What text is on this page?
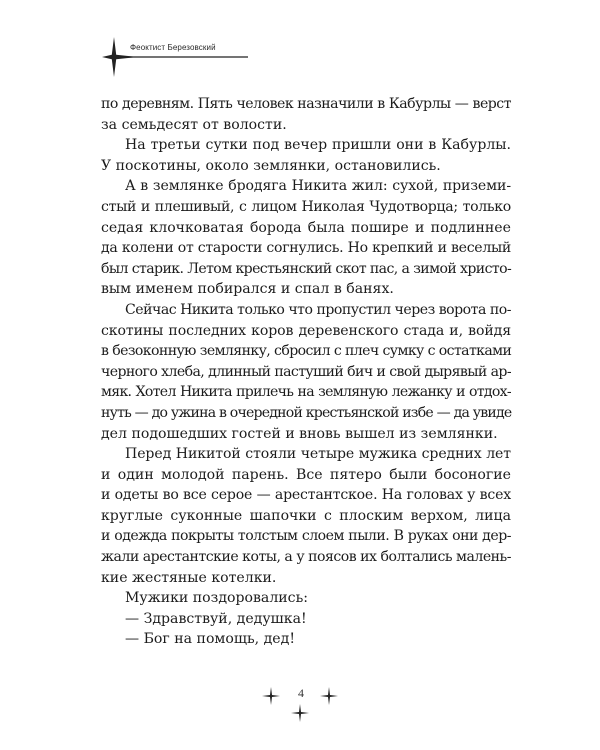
Феоктист Березовский
по деревням. Пять человек назначили в Кабурлы — верст
за семьдесят от волости.
На третьи сутки под вечер пришли они в Кабурлы.
У поскотины, около землянки, остановились.
А в землянке бродяга Никита жил: сухой, приземи-
стый и плешивый, с лицом Николая Чудотворца; только
седая клочковатая борода была пошире и подлиннее
да колени от старости согнулись. Но крепкий и веселый
был старик. Летом крестьянский скот пас, а зимой христо-
вым именем побирался и спал в банях.
Сейчас Никита только что пропустил через ворота по-
скотины последних коров деревенского стада и, войдя
в безоконную землянку, сбросил с плеч сумку с остатками
черного хлеба, длинный пастуший бич и свой дырявый ар-
мяк. Хотел Никита прилечь на земляную лежанку и отдох-
нуть — до ужина в очередной крестьянской избе — да увиде
дел подошедших гостей и вновь вышел из землянки.
Перед Никитой стояли четыре мужика средних лет
и один молодой парень. Все пятеро были босоногие
и одеты во все серое — арестантское. На головах у всех
круглые суконные шапочки с плоским верхом, лица
и одежда покрыты толстым слоем пыли. В руках они дер-
жали арестантские коты, а у поясов их болтались малень-
кие жестяные котелки.
Мужики поздоровались:
— Здравствуй, дедушка!
— Бог на помощь, дед!
4
